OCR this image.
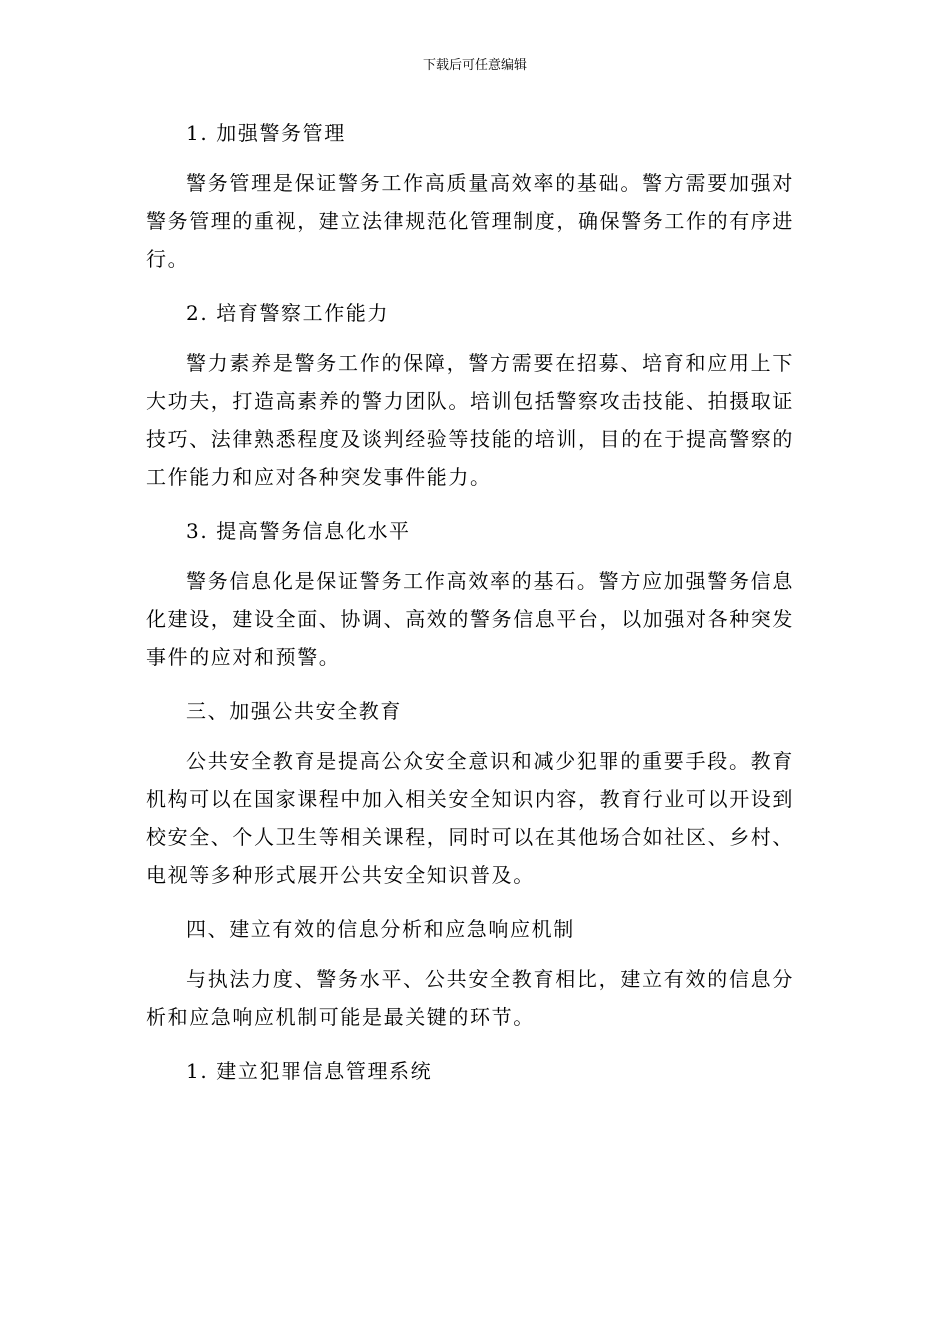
下载后可任意编辑

1. 加强警务管理

警务管理是保证警务工作高质量高效率的基础。警方需要加强对警务管理的重视，建立法律规范化管理制度，确保警务工作的有序进行。

2. 培育警察工作能力

警力素养是警务工作的保障，警方需要在招募、培育和应用上下大功夫，打造高素养的警力团队。培训包括警察攻击技能、拍摄取证技巧、法律熟悉程度及谈判经验等技能的培训，目的在于提高警察的工作能力和应对各种突发事件能力。

3. 提高警务信息化水平

警务信息化是保证警务工作高效率的基石。警方应加强警务信息化建设，建设全面、协调、高效的警务信息平台，以加强对各种突发事件的应对和预警。

三、加强公共安全教育

公共安全教育是提高公众安全意识和减少犯罪的重要手段。教育机构可以在国家课程中加入相关安全知识内容，教育行业可以开设到校安全、个人卫生等相关课程，同时可以在其他场合如社区、乡村、电视等多种形式展开公共安全知识普及。

四、建立有效的信息分析和应急响应机制

与执法力度、警务水平、公共安全教育相比，建立有效的信息分析和应急响应机制可能是最关键的环节。

1. 建立犯罪信息管理系统
